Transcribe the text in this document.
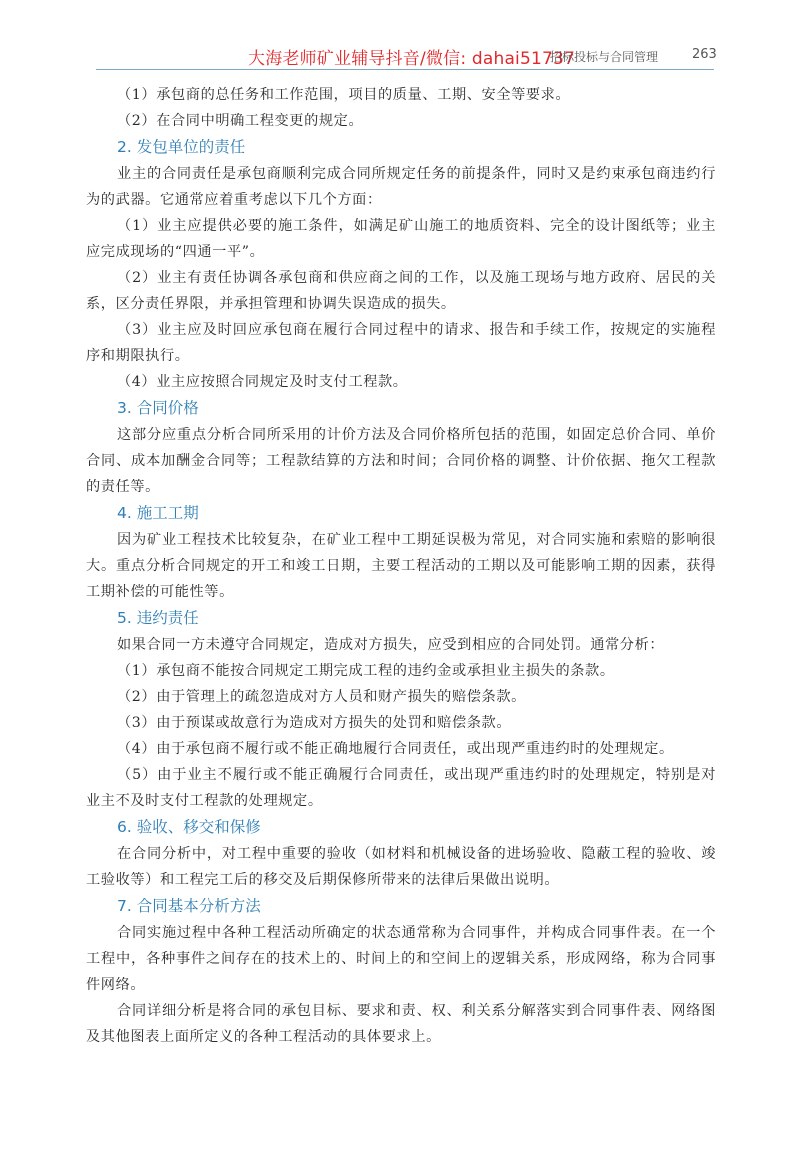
大海老师矿业辅导抖音/微信: dahai51737
招标投标与合同管理	263

（1）承包商的总任务和工作范围，项目的质量、工期、安全等要求。

（2）在合同中明确工程变更的规定。

2. 发包单位的责任

业主的合同责任是承包商顺利完成合同所规定任务的前提条件，同时又是约束承包商违约行为的武器。它通常应着重考虑以下几个方面：

（1）业主应提供必要的施工条件，如满足矿山施工的地质资料、完全的设计图纸等；业主应完成现场的“四通一平”。

（2）业主有责任协调各承包商和供应商之间的工作，以及施工现场与地方政府、居民的关系，区分责任界限，并承担管理和协调失误造成的损失。

（3）业主应及时回应承包商在履行合同过程中的请求、报告和手续工作，按规定的实施程序和期限执行。

（4）业主应按照合同规定及时支付工程款。

3. 合同价格

这部分应重点分析合同所采用的计价方法及合同价格所包括的范围，如固定总价合同、单价合同、成本加酬金合同等；工程款结算的方法和时间；合同价格的调整、计价依据、拖欠工程款的责任等。

4. 施工工期

因为矿业工程技术比较复杂，在矿业工程中工期延误极为常见，对合同实施和索赔的影响很大。重点分析合同规定的开工和竣工日期，主要工程活动的工期以及可能影响工期的因素，获得工期补偿的可能性等。

5. 违约责任

如果合同一方未遵守合同规定，造成对方损失，应受到相应的合同处罚。通常分析：

（1）承包商不能按合同规定工期完成工程的违约金或承担业主损失的条款。

（2）由于管理上的疏忽造成对方人员和财产损失的赔偿条款。

（3）由于预谋或故意行为造成对方损失的处罚和赔偿条款。

（4）由于承包商不履行或不能正确地履行合同责任，或出现严重违约时的处理规定。

（5）由于业主不履行或不能正确履行合同责任，或出现严重违约时的处理规定，特别是对业主不及时支付工程款的处理规定。

6. 验收、移交和保修

在合同分析中，对工程中重要的验收（如材料和机械设备的进场验收、隐蔽工程的验收、竣工验收等）和工程完工后的移交及后期保修所带来的法律后果做出说明。

7. 合同基本分析方法

合同实施过程中各种工程活动所确定的状态通常称为合同事件，并构成合同事件表。在一个工程中，各种事件之间存在的技术上的、时间上的和空间上的逻辑关系，形成网络，称为合同事件网络。

合同详细分析是将合同的承包目标、要求和责、权、利关系分解落实到合同事件表、网络图及其他图表上面所定义的各种工程活动的具体要求上。
